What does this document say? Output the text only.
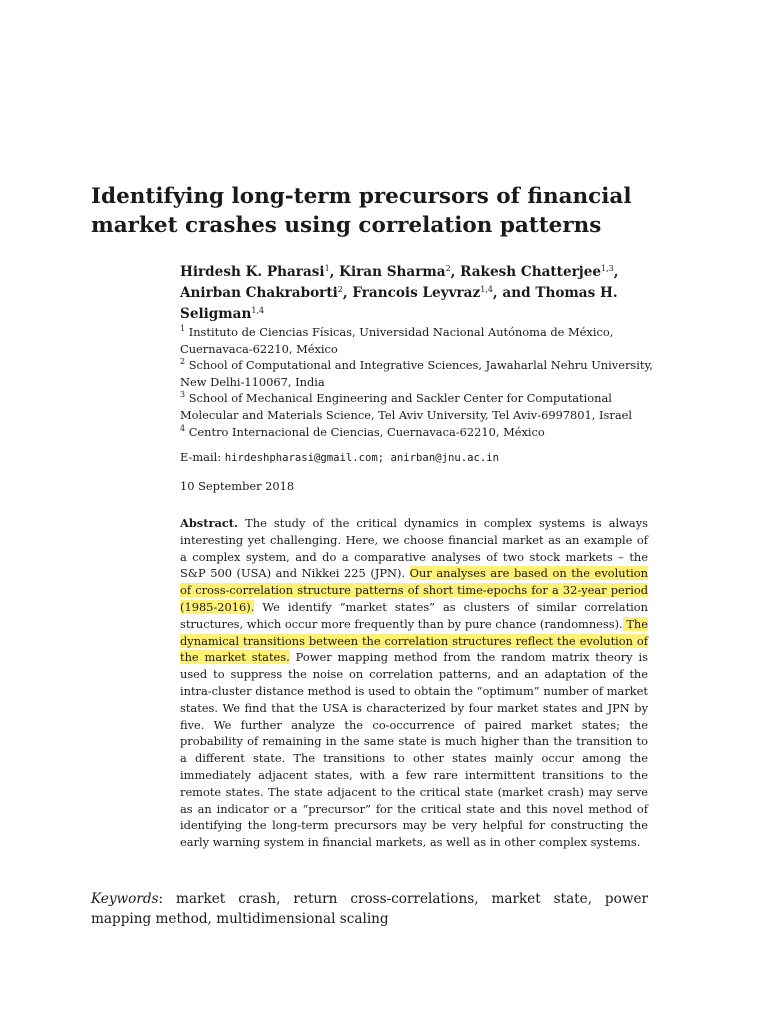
Identifying long-term precursors of financial market crashes using correlation patterns

Hirdesh K. Pharasi$^1$, Kiran Sharma$^2$, Rakesh Chatterjee$^{1,3}$, Anirban Chakraborti$^2$, Francois Leyvraz$^{1,4}$, and Thomas H. Seligman$^{1,4}$

$^1$ Instituto de Ciencias Físicas, Universidad Nacional Autónoma de México, Cuernavaca-62210, México

$^2$ School of Computational and Integrative Sciences, Jawaharlal Nehru University, New Delhi-110067, India

$^3$ School of Mechanical Engineering and Sackler Center for Computational Molecular and Materials Science, Tel Aviv University, Tel Aviv-6997801, Israel

$^4$ Centro Internacional de Ciencias, Cuernavaca-62210, México

E-mail: hirdeshpharasi@gmail.com; anirban@jnu.ac.in

10 September 2018

Abstract. The study of the critical dynamics in complex systems is always interesting yet challenging. Here, we choose financial market as an example of a complex system, and do a comparative analyses of two stock markets – the S&P 500 (USA) and Nikkei 225 (JPN). Our analyses are based on the evolution of cross-correlation structure patterns of short time-epochs for a 32-year period (1985-2016). We identify “market states” as clusters of similar correlation structures, which occur more frequently than by pure chance (randomness). The dynamical transitions between the correlation structures reflect the evolution of the market states. Power mapping method from the random matrix theory is used to suppress the noise on correlation patterns, and an adaptation of the intra-cluster distance method is used to obtain the “optimum” number of market states. We find that the USA is characterized by four market states and JPN by five. We further analyze the co-occurrence of paired market states; the probability of remaining in the same state is much higher than the transition to a different state. The transitions to other states mainly occur among the immediately adjacent states, with a few rare intermittent transitions to the remote states. The state adjacent to the critical state (market crash) may serve as an indicator or a “precursor” for the critical state and this novel method of identifying the long-term precursors may be very helpful for constructing the early warning system in financial markets, as well as in other complex systems.

Keywords: market crash, return cross-correlations, market state, power mapping method, multidimensional scaling
